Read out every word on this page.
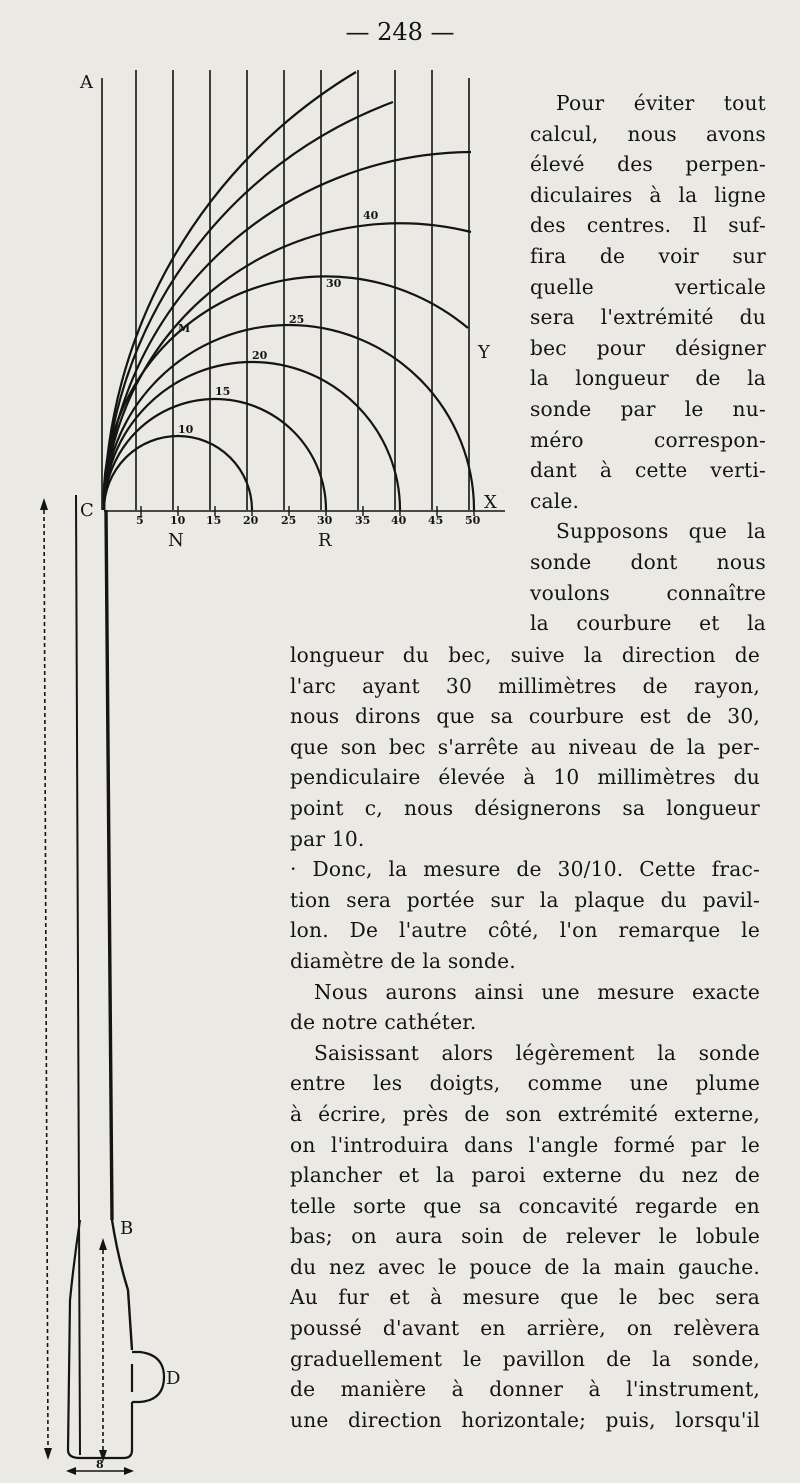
— 248 —
A
C
M
Y
X
N	R
B
D
10
15
20
25
30
40
5 10 15 20 25 30 35 40 45 50
8
Pour éviter tout
calcul, nous avons
élevé des perpen-
diculaires à la ligne
des centres. Il suf-
fira de voir sur
quelle verticale
sera l'extrémité du
bec pour désigner
la longueur de la
sonde par le nu-
méro correspon-
dant à cette verti-
cale.
Supposons que la
sonde dont nous
voulons connaître
la courbure et la
longueur du bec, suive la direction de
l'arc ayant 30 millimètres de rayon,
nous dirons que sa courbure est de 30,
que son bec s'arrête au niveau de la per-
pendiculaire élevée à 10 millimètres du
point c, nous désignerons sa longueur
par 10.
· Donc, la mesure de 30/10. Cette frac-
tion sera portée sur la plaque du pavil-
lon. De l'autre côté, l'on remarque le
diamètre de la sonde.
Nous aurons ainsi une mesure exacte
de notre cathéter.
Saisissant alors légèrement la sonde
entre les doigts, comme une plume
à écrire, près de son extrémité externe,
on l'introduira dans l'angle formé par le
plancher et la paroi externe du nez de
telle sorte que sa concavité regarde en
bas; on aura soin de relever le lobule
du nez avec le pouce de la main gauche.
Au fur et à mesure que le bec sera
poussé d'avant en arrière, on relèvera
graduellement le pavillon de la sonde,
de manière à donner à l'instrument,
une direction horizontale; puis, lorsqu'il
